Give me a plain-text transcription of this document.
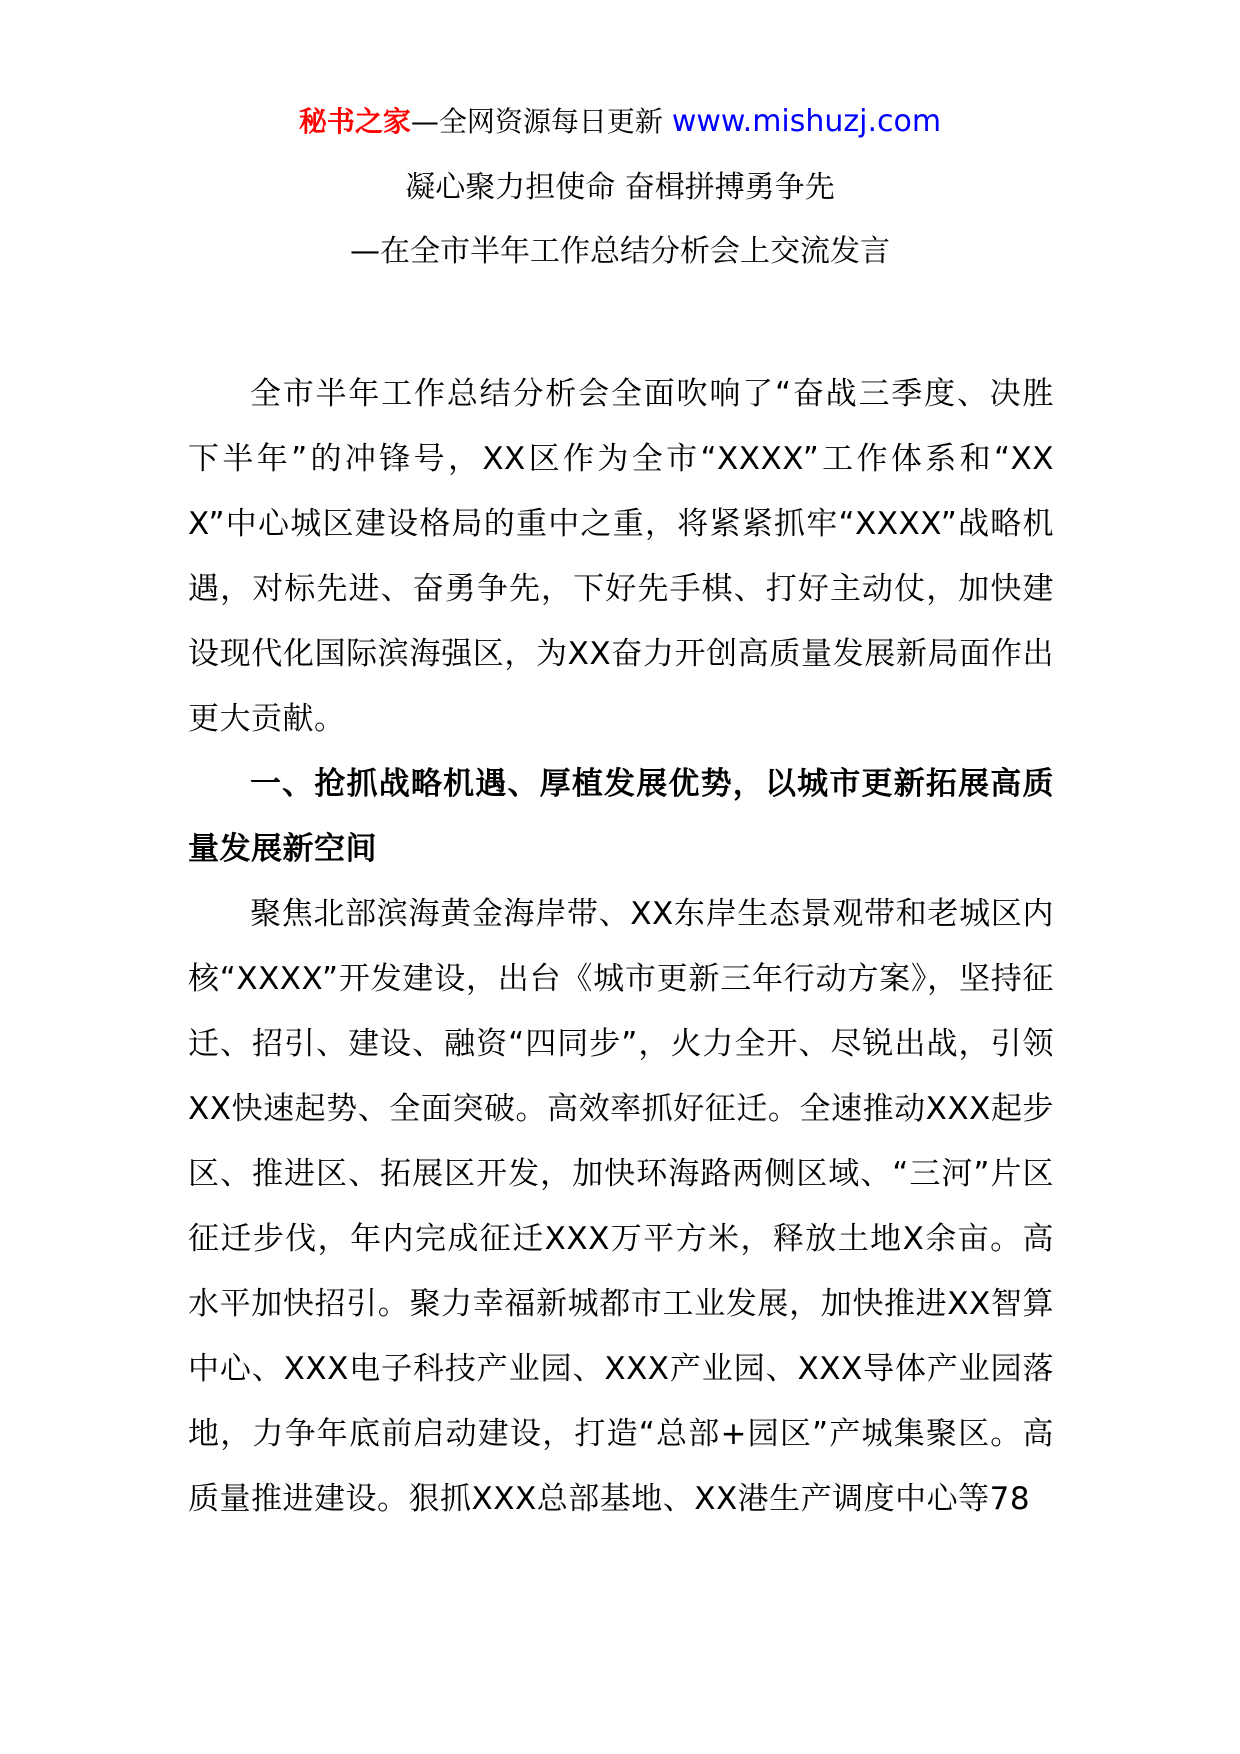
秘书之家—全网资源每日更新 www.mishuzj.com
凝心聚力担使命 奋楫拼搏勇争先
—在全市半年工作总结分析会上交流发言

全市半年工作总结分析会全面吹响了“奋战三季度、决胜下半年”的冲锋号，XX区作为全市“XXXX”工作体系和“XXX”中心城区建设格局的重中之重，将紧紧抓牢“XXXX”战略机遇，对标先进、奋勇争先，下好先手棋、打好主动仗，加快建设现代化国际滨海强区，为XX奋力开创高质量发展新局面作出更大贡献。

一、抢抓战略机遇、厚植发展优势，以城市更新拓展高质量发展新空间

聚焦北部滨海黄金海岸带、XX东岸生态景观带和老城区内核“XXXX”开发建设，出台《城市更新三年行动方案》，坚持征迁、招引、建设、融资“四同步”，火力全开、尽锐出战，引领XX快速起势、全面突破。高效率抓好征迁。全速推动XXX起步区、推进区、拓展区开发，加快环海路两侧区域、“三河”片区征迁步伐，年内完成征迁XXX万平方米，释放土地X余亩。高水平加快招引。聚力幸福新城都市工业发展，加快推进XX智算中心、XXX电子科技产业园、XXX产业园、XXX导体产业园落地，力争年底前启动建设，打造“总部+园区”产城集聚区。高质量推进建设。狠抓XXX总部基地、XX港生产调度中心等78
